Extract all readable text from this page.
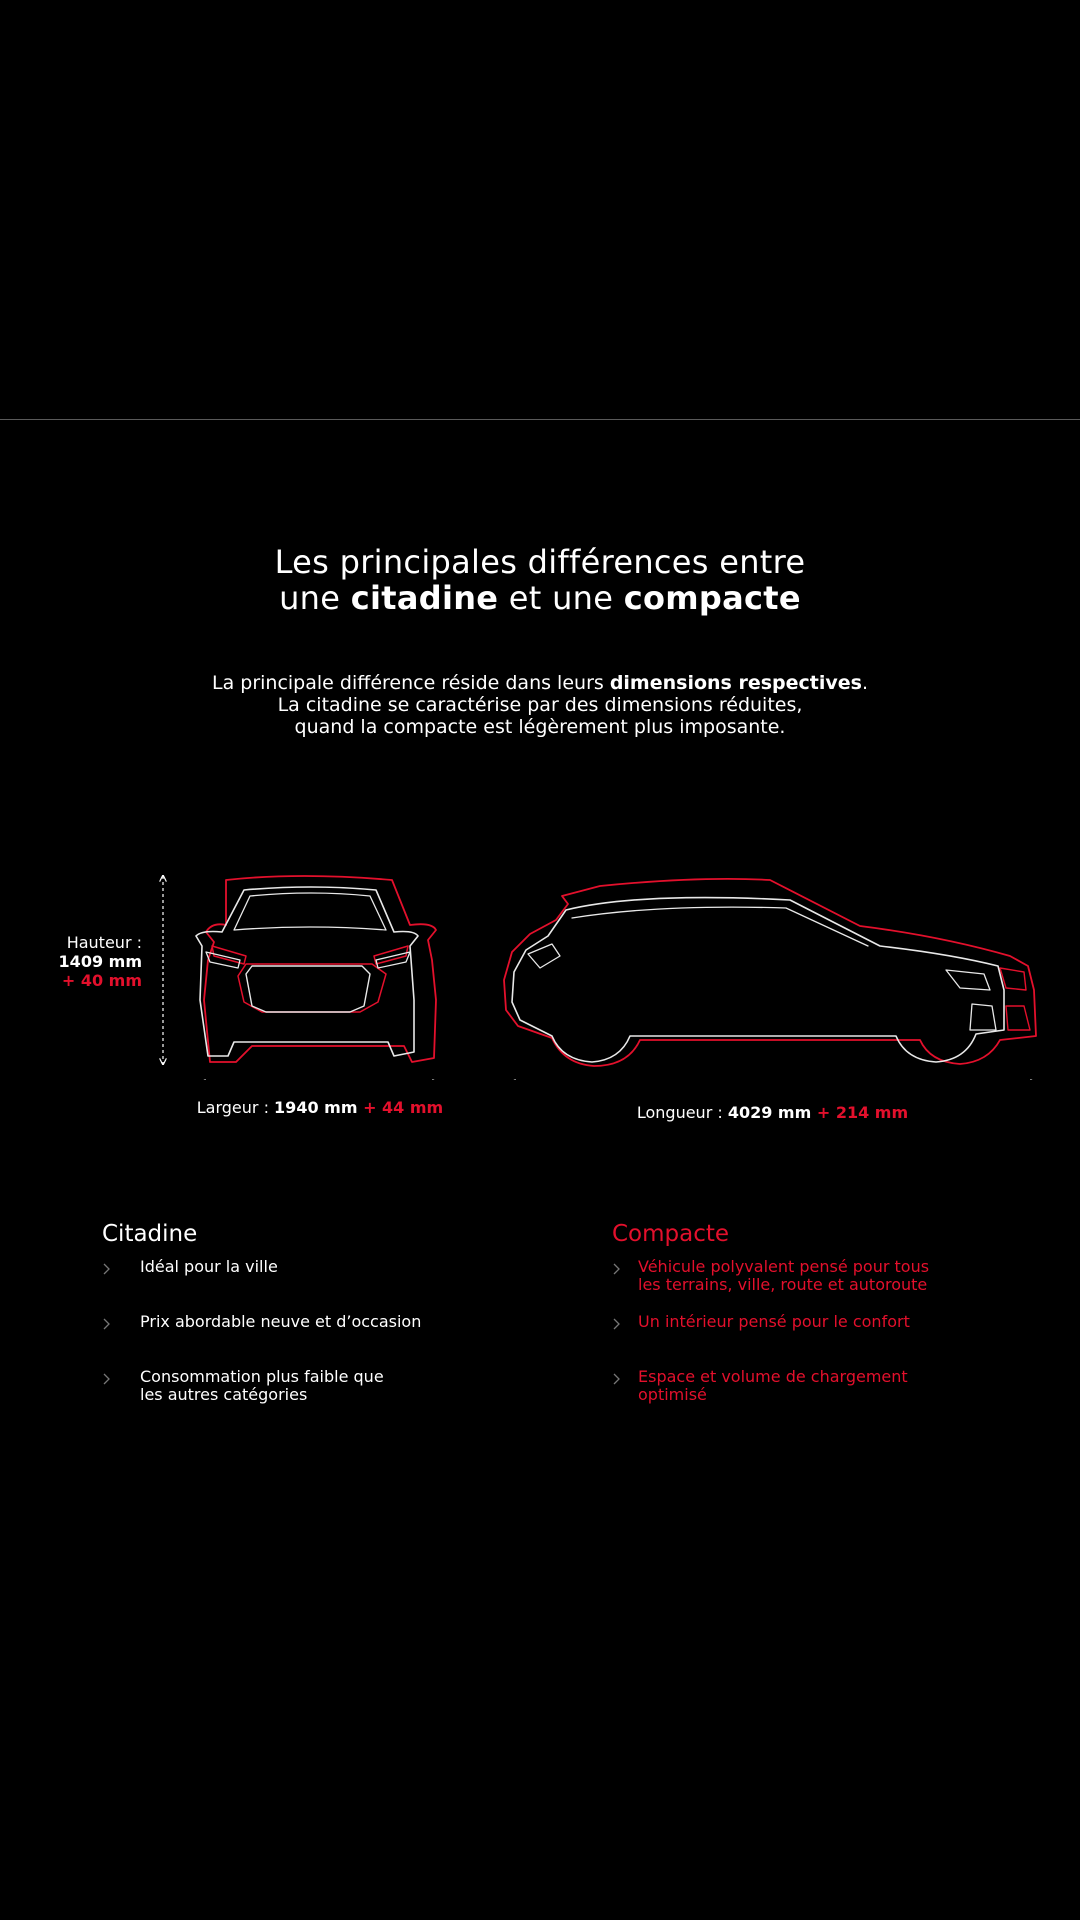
Les principales différences entre
une citadine et une compacte
La principale différence réside dans leurs dimensions respectives.
La citadine se caractérise par des dimensions réduites,
quand la compacte est légèrement plus imposante.
Hauteur :
1409 mm
+ 40 mm
Largeur : 1940 mm + 44 mm	Longueur : 4029 mm + 214 mm
Citadine
Idéal pour la ville
Prix abordable neuve et d’occasion
Consommation plus faible que
les autres catégories
Compacte
Véhicule polyvalent pensé pour tous
les terrains, ville, route et autoroute
Un intérieur pensé pour le confort
Espace et volume de chargement
optimisé
